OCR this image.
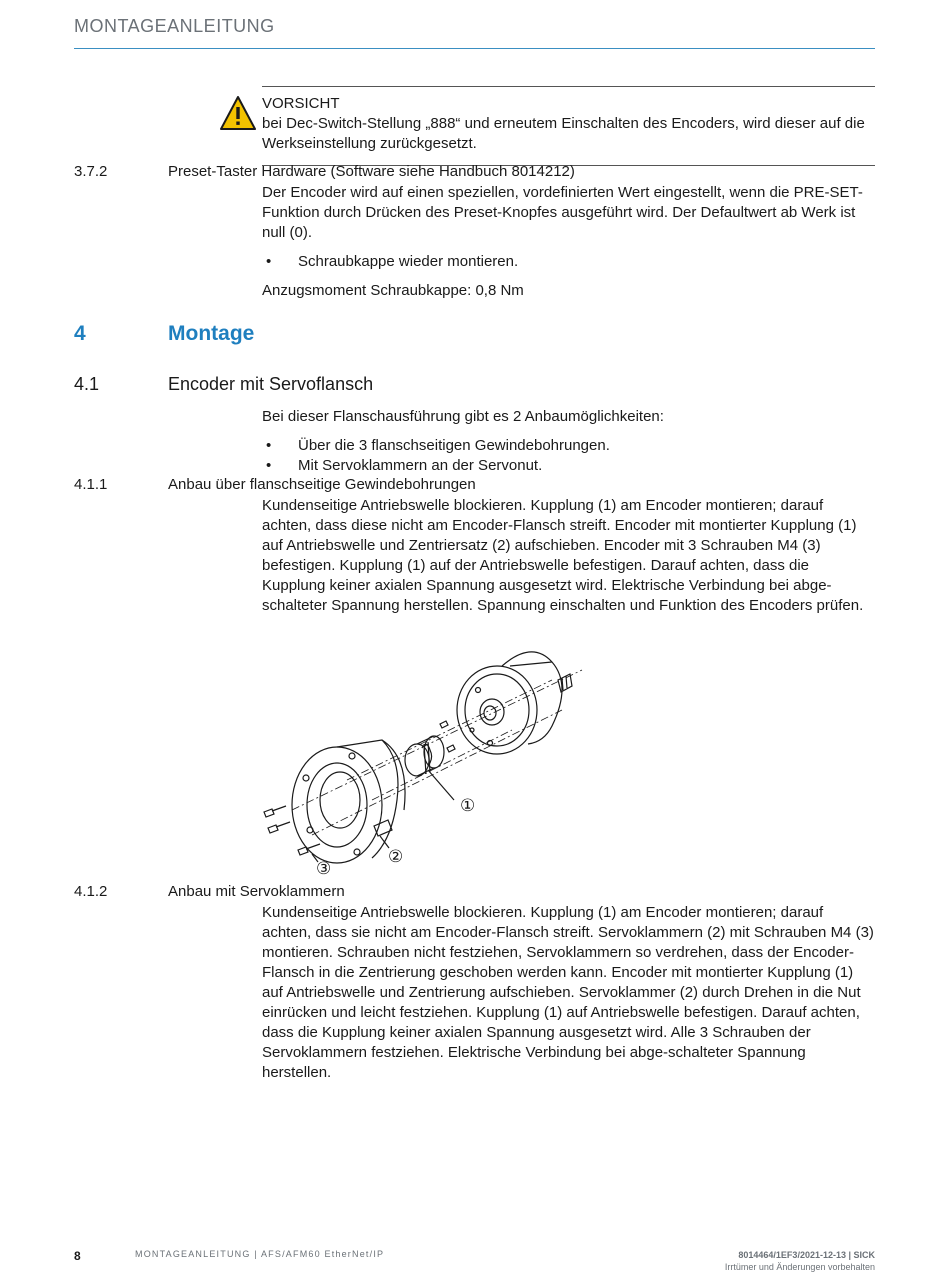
MONTAGEANLEITUNG
VORSICHT
bei Dec-Switch-Stellung „888“ und erneutem Einschalten des Encoders, wird dieser auf die Werkseinstellung zurückgesetzt.
3.7.2	Preset-Taster Hardware (Software siehe Handbuch 8014212)
Der Encoder wird auf einen speziellen, vordefinierten Wert eingestellt, wenn die PRE-SET-Funktion durch Drücken des Preset-Knopfes ausgeführt wird. Der Defaultwert ab Werk ist null (0).
• Schraubkappe wieder montieren.
Anzugsmoment Schraubkappe: 0,8 Nm
4	Montage
4.1	Encoder mit Servoflansch
Bei dieser Flanschausführung gibt es 2 Anbaumöglichkeiten:
• Über die 3 flanschseitigen Gewindebohrungen.
• Mit Servoklammern an der Servonut.
4.1.1	Anbau über flanschseitige Gewindebohrungen
Kundenseitige Antriebswelle blockieren. Kupplung (1) am Encoder montieren; darauf achten, dass diese nicht am Encoder-Flansch streift. Encoder mit montierter Kupplung (1) auf Antriebswelle und Zentriersatz (2) aufschieben. Encoder mit 3 Schrauben M4 (3) befestigen. Kupplung (1) auf der Antriebswelle befestigen. Darauf achten, dass die Kupplung keiner axialen Spannung ausgesetzt wird. Elektrische Verbindung bei abge-schalteter Spannung herstellen. Spannung einschalten und Funktion des Encoders prüfen.
①
②
③
4.1.2	Anbau mit Servoklammern
Kundenseitige Antriebswelle blockieren. Kupplung (1) am Encoder montieren; darauf achten, dass sie nicht am Encoder-Flansch streift. Servoklammern (2) mit Schrauben M4 (3) montieren. Schrauben nicht festziehen, Servoklammern so verdrehen, dass der Encoder-Flansch in die Zentrierung geschoben werden kann. Encoder mit montierter Kupplung (1) auf Antriebswelle und Zentrierung aufschieben. Servoklammer (2) durch Drehen in die Nut einrücken und leicht festziehen. Kupplung (1) auf Antriebswelle befestigen. Darauf achten, dass die Kupplung keiner axialen Spannung ausgesetzt wird. Alle 3 Schrauben der Servoklammern festziehen. Elektrische Verbindung bei abge-schalteter Spannung herstellen.
8	MONTAGEANLEITUNG | AFS/AFM60 EtherNet/IP	8014464/1EF3/2021-12-13 | SICK
Irrtümer und Änderungen vorbehalten
